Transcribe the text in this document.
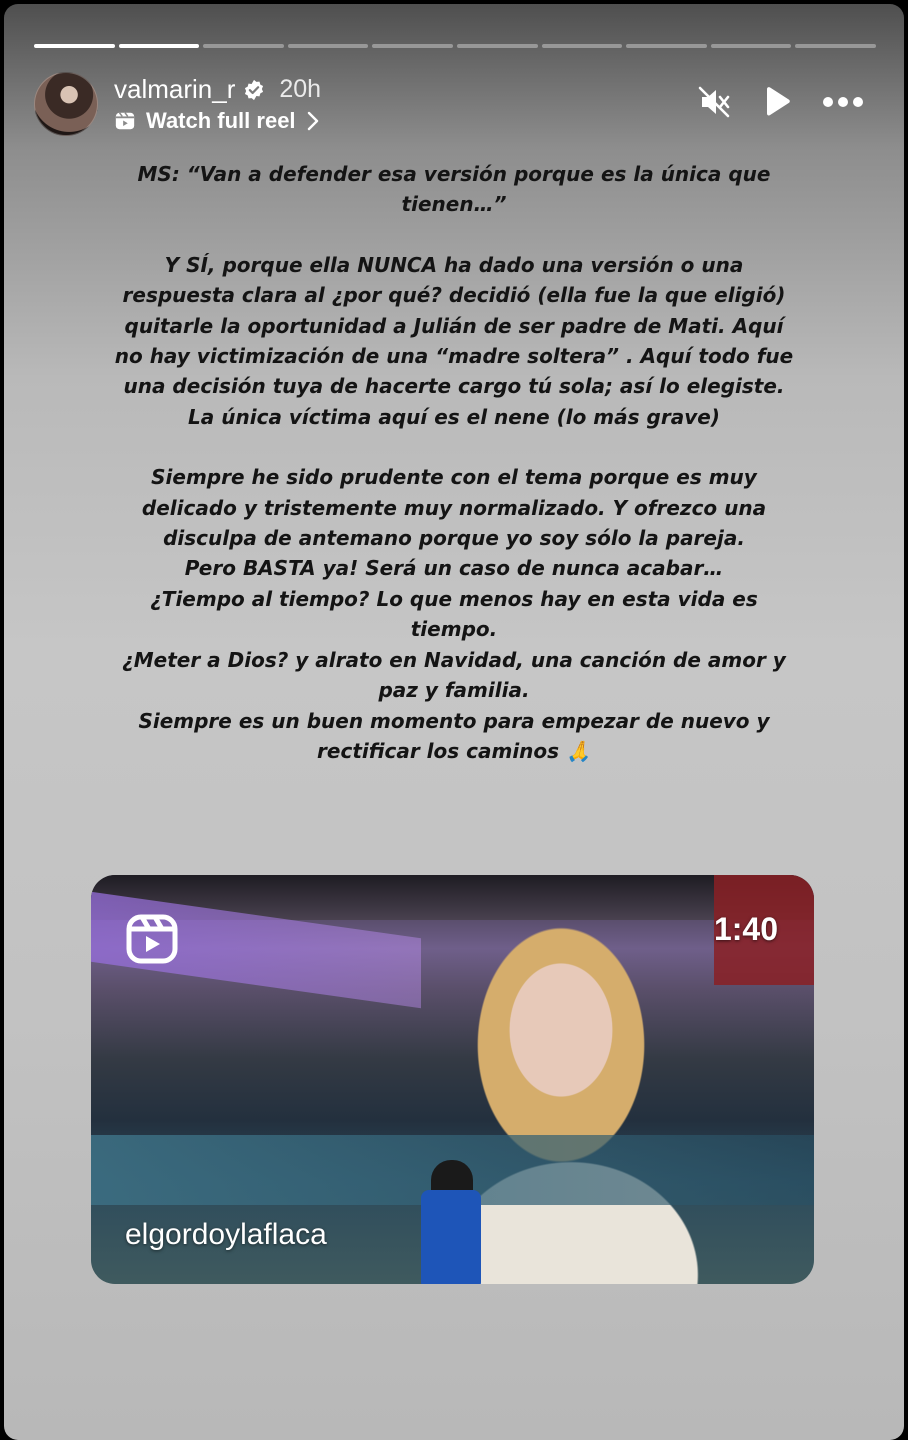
valmarin_r 20h
Watch full reel

MS: “Van a defender esa versión porque es la única que tienen…”

Y SÍ, porque ella NUNCA ha dado una versión o una respuesta clara al ¿por qué? decidió (ella fue la que eligió) quitarle la oportunidad a Julián de ser padre de Mati. Aquí no hay victimización de una “madre soltera” . Aquí todo fue una decisión tuya de hacerte cargo tú sola; así lo elegiste. La única víctima aquí es el nene (lo más grave)

Siempre he sido prudente con el tema porque es muy delicado y tristemente muy normalizado. Y ofrezco una disculpa de antemano porque yo soy sólo la pareja.
Pero BASTA ya! Será un caso de nunca acabar…
¿Tiempo al tiempo? Lo que menos hay en esta vida es tiempo.
¿Meter a Dios? y alrato en Navidad, una canción de amor y paz y familia.
Siempre es un buen momento para empezar de nuevo y rectificar los caminos 🙏

1:40
elgordoylaflaca
